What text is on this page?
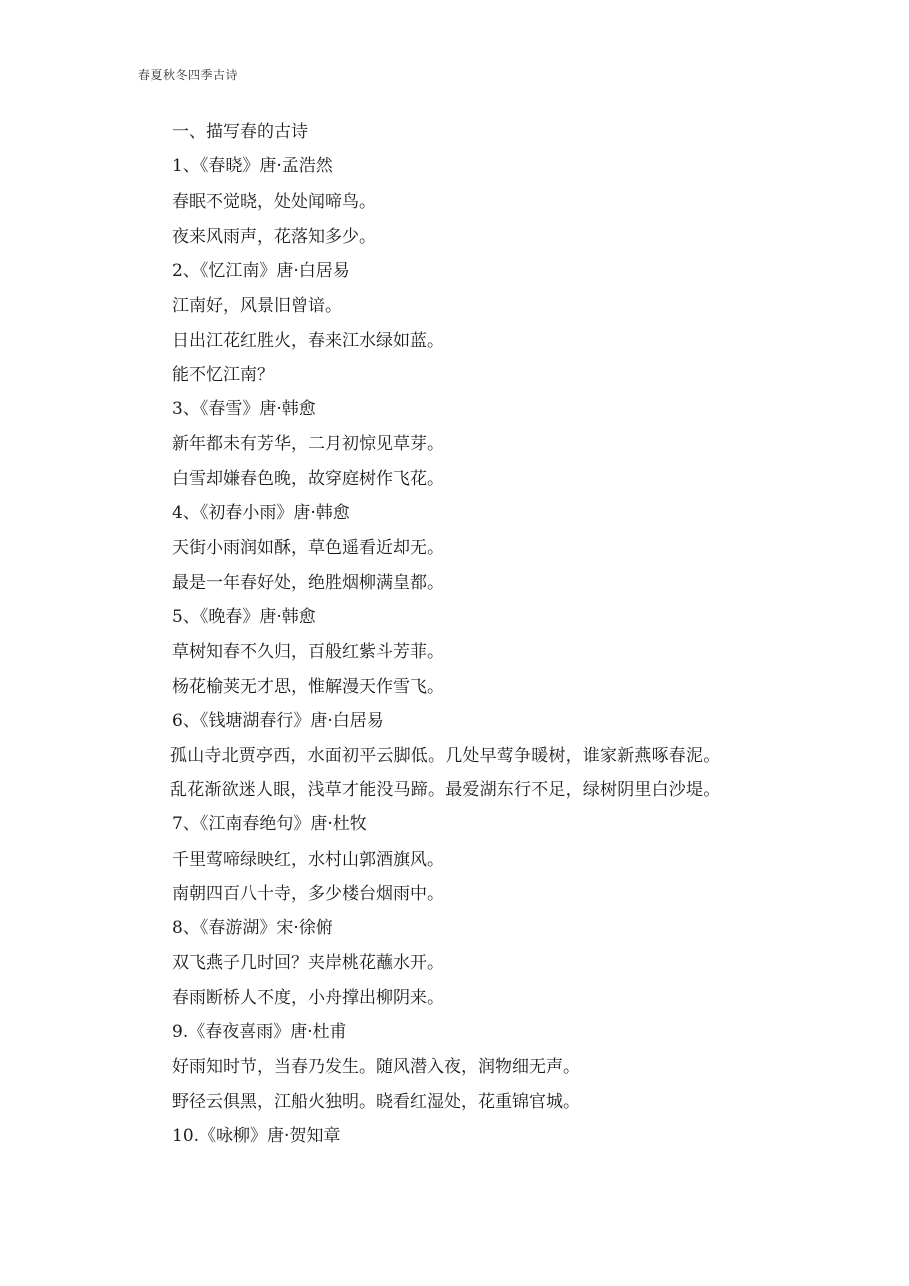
春夏秋冬四季古诗
一、描写春的古诗
1、《春晓》唐·孟浩然
春眠不觉晓，处处闻啼鸟。
夜来风雨声，花落知多少。
2、《忆江南》唐·白居易
江南好，风景旧曾谙。
日出江花红胜火，春来江水绿如蓝。
能不忆江南？
3、《春雪》唐·韩愈
新年都未有芳华，二月初惊见草芽。
白雪却嫌春色晚，故穿庭树作飞花。
4、《初春小雨》唐·韩愈
天街小雨润如酥，草色遥看近却无。
最是一年春好处，绝胜烟柳满皇都。
5、《晚春》唐·韩愈
草树知春不久归，百般红紫斗芳菲。
杨花榆荚无才思，惟解漫天作雪飞。
6、《钱塘湖春行》唐·白居易
孤山寺北贾亭西，水面初平云脚低。几处早莺争暖树，谁家新燕啄春泥。
乱花渐欲迷人眼，浅草才能没马蹄。最爱湖东行不足，绿树阴里白沙堤。
7、《江南春绝句》唐·杜牧
千里莺啼绿映红，水村山郭酒旗风。
南朝四百八十寺，多少楼台烟雨中。
8、《春游湖》宋·徐俯
双飞燕子几时回？夹岸桃花蘸水开。
春雨断桥人不度，小舟撑出柳阴来。
9.《春夜喜雨》唐·杜甫
好雨知时节，当春乃发生。随风潜入夜，润物细无声。
野径云俱黑，江船火独明。晓看红湿处，花重锦官城。
10.《咏柳》唐·贺知章
